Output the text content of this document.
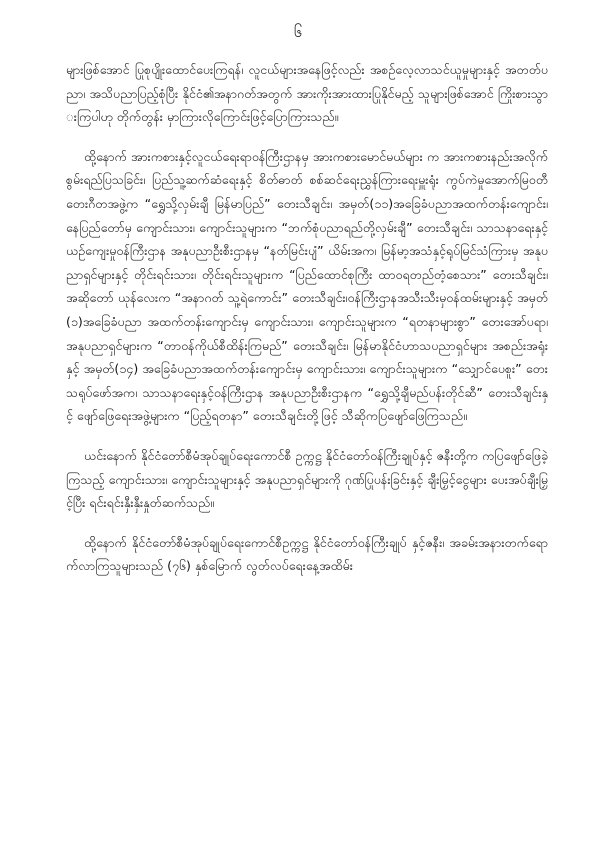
၆

များဖြစ်အောင် ပြုစုပျိုးထောင်ပေးကြရန်၊ လူငယ်များအနေဖြင့်လည်း အစဉ်လေ့လာသင်ယူမှုများနှင့် အတတ်ပညာ၊ အသိပညာပြည့်စုံပြီး နိုင်ငံ၏အနာဂတ်အတွက် အားကိုးအားထားပြုနိုင်မည့် သူများဖြစ်အောင် ကြိုးစားသွားကြပါဟု တိုက်တွန်း မှာကြားလိုကြောင်းဖြင့်ပြောကြားသည်။

ထို့နောက် အားကစားနှင့်လူငယ်ရေးရာဝန်ကြီးဌာနမှ အားကစားမောင်မယ်များ က အားကစားနည်းအလိုက် စွမ်းရည်ပြသခြင်း၊ ပြည်သူ့ဆက်ဆံရေးနှင့် စိတ်ဓာတ် စစ်ဆင်ရေးညွှန်ကြားရေးမှူးရုံး ကွပ်ကဲမှုအောက်မြဝတီတေးဂီတအဖွဲ့က “ရွှေသို့လှမ်းချီ မြန်မာပြည်” တေးသီချင်း၊ အမှတ်(၁၁)အခြေခံပညာအထက်တန်းကျောင်း၊ နေပြည်တော်မှ ကျောင်းသား၊ ကျောင်းသူများက “ဘက်စုံပညာရည်တို့လှမ်းချီ” တေးသီချင်း၊ သာသနာရေးနှင့်ယဉ်ကျေးမှုဝန်ကြီးဌာန အနုပညာဦးစီးဌာနမှ “နတ်မြင်းပျံ” ယိမ်းအက၊ မြန်မာ့အသံနှင့်ရုပ်မြင်သံကြားမှ အနုပညာရှင်များနှင့် တိုင်းရင်းသား၊ တိုင်းရင်းသူများက “ပြည်ထောင်စုကြီး ထာဝရတည်တံ့စေသား” တေးသီချင်း၊ အဆိုတော် ယုန်လေးက “အနာဂတ် သူ့ရဲကောင်း” တေးသီချင်း၊ဝန်ကြီးဌာနအသီးသီးမှဝန်ထမ်းများနှင့် အမှတ်(၁)အခြေခံပညာ အထက်တန်းကျောင်းမှ ကျောင်းသား၊ ကျောင်းသူများက “ရတနာများစွာ” တေးအော်ပရာ၊ အနုပညာရှင်များက “တာဝန်ကိုယ်စီထိန်းကြမည်” တေးသီချင်း၊ မြန်မာနိုင်ငံဟာသပညာရှင်များ အစည်းအရုံးနှင့် အမှတ်(၁၄) အခြေခံပညာအထက်တန်းကျောင်းမှ ကျောင်းသား၊ ကျောင်းသူများက “သျှောင်ပေစူး” တေးသရုပ်ဖော်အက၊ သာသနာရေးနှင့်ဝန်ကြီးဌာန အနုပညာဦးစီးဌာနက “ရွှေသို့ချီမည်ပန်းတိုင်ဆီ” တေးသီချင်းနှင့် ဖျော်ဖြေရေးအဖွဲ့များက “ပြည့်ရတနာ” တေးသီချင်းတို့ဖြင့် သီဆိုကပြဖျော်ဖြေကြသည်။

ယင်းနောက် နိုင်ငံတော်စီမံအုပ်ချုပ်ရေးကောင်စီ ဥက္ကဋ္ဌ နိုင်ငံတော်ဝန်ကြီးချုပ်နှင့် ဇနီးတို့က ကပြဖျော်ဖြေခဲ့ကြသည့် ကျောင်းသား၊ ကျောင်းသူများနှင့် အနုပညာရှင်များကို ဂုဏ်ပြုပန်းခြင်းနှင့် ချီးမြှင့်ငွေများ ပေးအပ်ချီးမြှင့်ပြီး ရင်းရင်းနှီးနှီးနှုတ်ဆက်သည်။

ထို့နောက် နိုင်ငံတော်စီမံအုပ်ချုပ်ရေးကောင်စီဥက္ကဋ္ဌ နိုင်ငံတော်ဝန်ကြီးချုပ် နှင့်ဇနီး၊ အခမ်းအနားတက်ရောက်လာကြသူများသည် (၇၆) နှစ်မြောက် လွတ်လပ်ရေးနေ့အထိမ်း
